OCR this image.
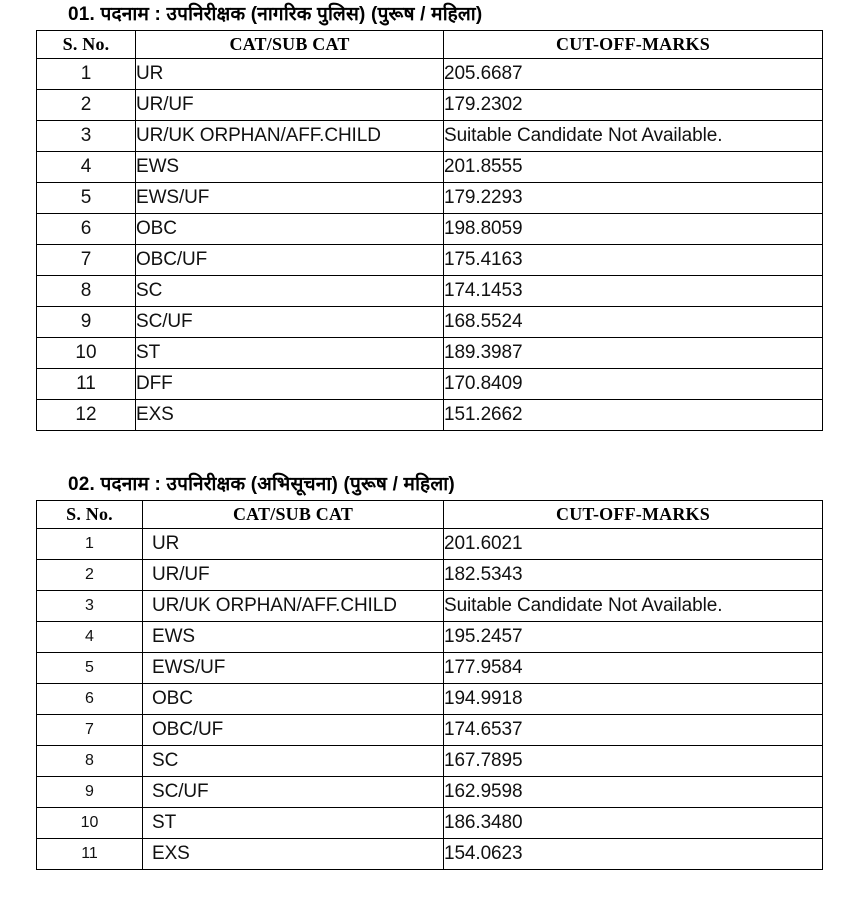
01. पदनाम : उपनिरीक्षक (नागरिक पुलिस) (पुरूष / महिला)
S. No.	CAT/SUB CAT	CUT-OFF-MARKS
1	UR	205.6687
2	UR/UF	179.2302
3	UR/UK ORPHAN/AFF.CHILD	Suitable Candidate Not Available.
4	EWS	201.8555
5	EWS/UF	179.2293
6	OBC	198.8059
7	OBC/UF	175.4163
8	SC	174.1453
9	SC/UF	168.5524
10	ST	189.3987
11	DFF	170.8409
12	EXS	151.2662
02. पदनाम : उपनिरीक्षक (अभिसूचना) (पुरूष / महिला)
S. No.	CAT/SUB CAT	CUT-OFF-MARKS
1	UR	201.6021
2	UR/UF	182.5343
3	UR/UK ORPHAN/AFF.CHILD	Suitable Candidate Not Available.
4	EWS	195.2457
5	EWS/UF	177.9584
6	OBC	194.9918
7	OBC/UF	174.6537
8	SC	167.7895
9	SC/UF	162.9598
10	ST	186.3480
11	EXS	154.0623
